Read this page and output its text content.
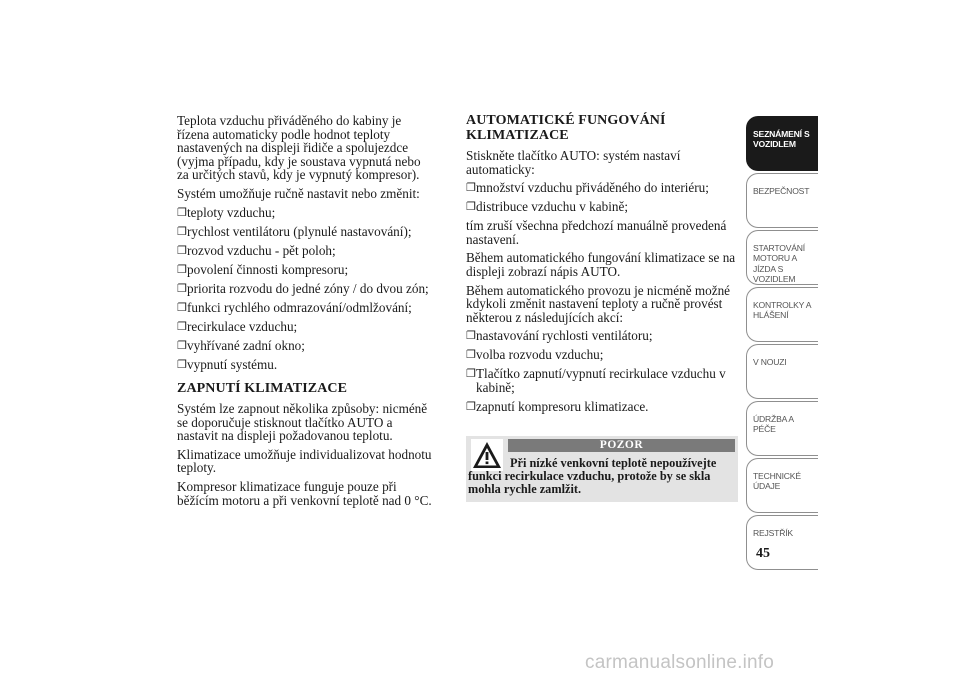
Teplota vzduchu přiváděného do kabiny je řízena automaticky podle hodnot teploty nastavených na displeji řidiče a spolujezdce (vyjma případu, kdy je soustava vypnutá nebo za určitých stavů, kdy je vypnutý kompresor).

Systém umožňuje ručně nastavit nebo změnit:

❐ teploty vzduchu;
❐ rychlost ventilátoru (plynulé nastavování);
❐ rozvod vzduchu - pět poloh;
❐ povolení činnosti kompresoru;
❐ priorita rozvodu do jedné zóny / do dvou zón;
❐ funkci rychlého odmrazování/odmlžování;
❐ recirkulace vzduchu;
❐ vyhřívané zadní okno;
❐ vypnutí systému.
ZAPNUTÍ KLIMATIZACE

Systém lze zapnout několika způsoby: nicméně se doporučuje stisknout tlačítko AUTO a nastavit na displeji požadovanou teplotu.

Klimatizace umožňuje individualizovat hodnotu teploty.

Kompresor klimatizace funguje pouze při běžícím motoru a při venkovní teplotě nad 0 °C.

AUTOMATICKÉ FUNGOVÁNÍ KLIMATIZACE

Stiskněte tlačítko AUTO: systém nastaví automaticky:

❐ množství vzduchu přiváděného do interiéru;
❐ distribuce vzduchu v kabině;

tím zruší všechna předchozí manuálně provedená nastavení.

Během automatického fungování klimatizace se na displeji zobrazí nápis AUTO.

Během automatického provozu je nicméně možné kdykoli změnit nastavení teploty a ručně provést některou z následujících akcí:

❐ nastavování rychlosti ventilátoru;
❐ volba rozvodu vzduchu;
❐ Tlačítko zapnutí/vypnutí recirkulace vzduchu v kabině;
❐ zapnutí kompresoru klimatizace.
POZOR
Při nízké venkovní teplotě nepoužívejte funkci recirkulace vzduchu, protože by se skla mohla rychle zamlžit.
SEZNÁMENÍ S VOZIDLEM
BEZPEČNOST
STARTOVÁNÍ MOTORU A JÍZDA S VOZIDLEM
KONTROLKY A HLÁŠENÍ
V NOUZI
ÚDRŽBA A PÉČE
TECHNICKÉ ÚDAJE
REJSTŘÍK
45
carmanualsonline.info
